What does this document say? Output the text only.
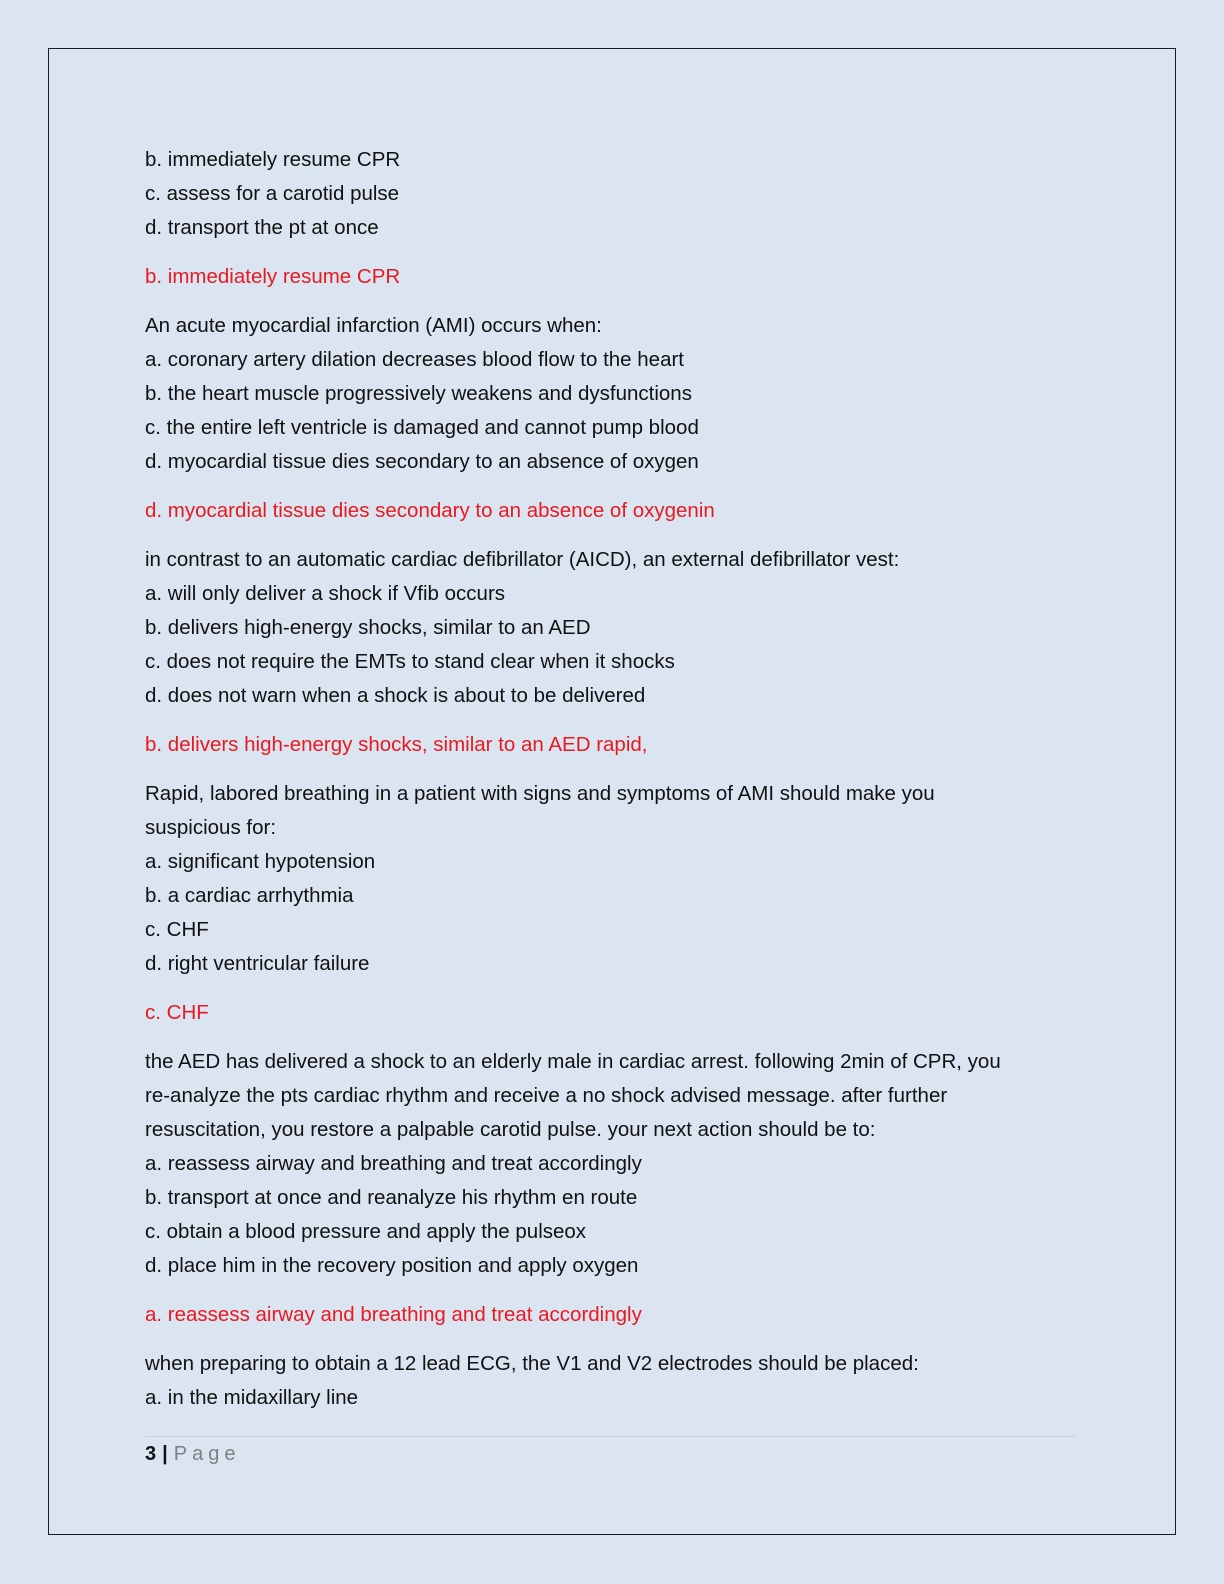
b. immediately resume CPR
c. assess for a carotid pulse
d. transport the pt at once
b. immediately resume CPR
An acute myocardial infarction (AMI) occurs when:
a. coronary artery dilation decreases blood flow to the heart
b. the heart muscle progressively weakens and dysfunctions
c. the entire left ventricle is damaged and cannot pump blood
d. myocardial tissue dies secondary to an absence of oxygen
d. myocardial tissue dies secondary to an absence of oxygenin
in contrast to an automatic cardiac defibrillator (AICD), an external defibrillator vest:
a. will only deliver a shock if Vfib occurs
b. delivers high-energy shocks, similar to an AED
c. does not require the EMTs to stand clear when it shocks
d. does not warn when a shock is about to be delivered
b. delivers high-energy shocks, similar to an AED rapid,
Rapid, labored breathing in a patient with signs and symptoms of AMI should make you
suspicious for:
a. significant hypotension
b. a cardiac arrhythmia
c. CHF
d. right ventricular failure
c. CHF
the AED has delivered a shock to an elderly male in cardiac arrest. following 2min of CPR, you
re-analyze the pts cardiac rhythm and receive a no shock advised message. after further
resuscitation, you restore a palpable carotid pulse. your next action should be to:
a. reassess airway and breathing and treat accordingly
b. transport at once and reanalyze his rhythm en route
c. obtain a blood pressure and apply the pulseox
d. place him in the recovery position and apply oxygen
a. reassess airway and breathing and treat accordingly
when preparing to obtain a 12 lead ECG, the V1 and V2 electrodes should be placed:
a. in the midaxillary line
3 | Page
